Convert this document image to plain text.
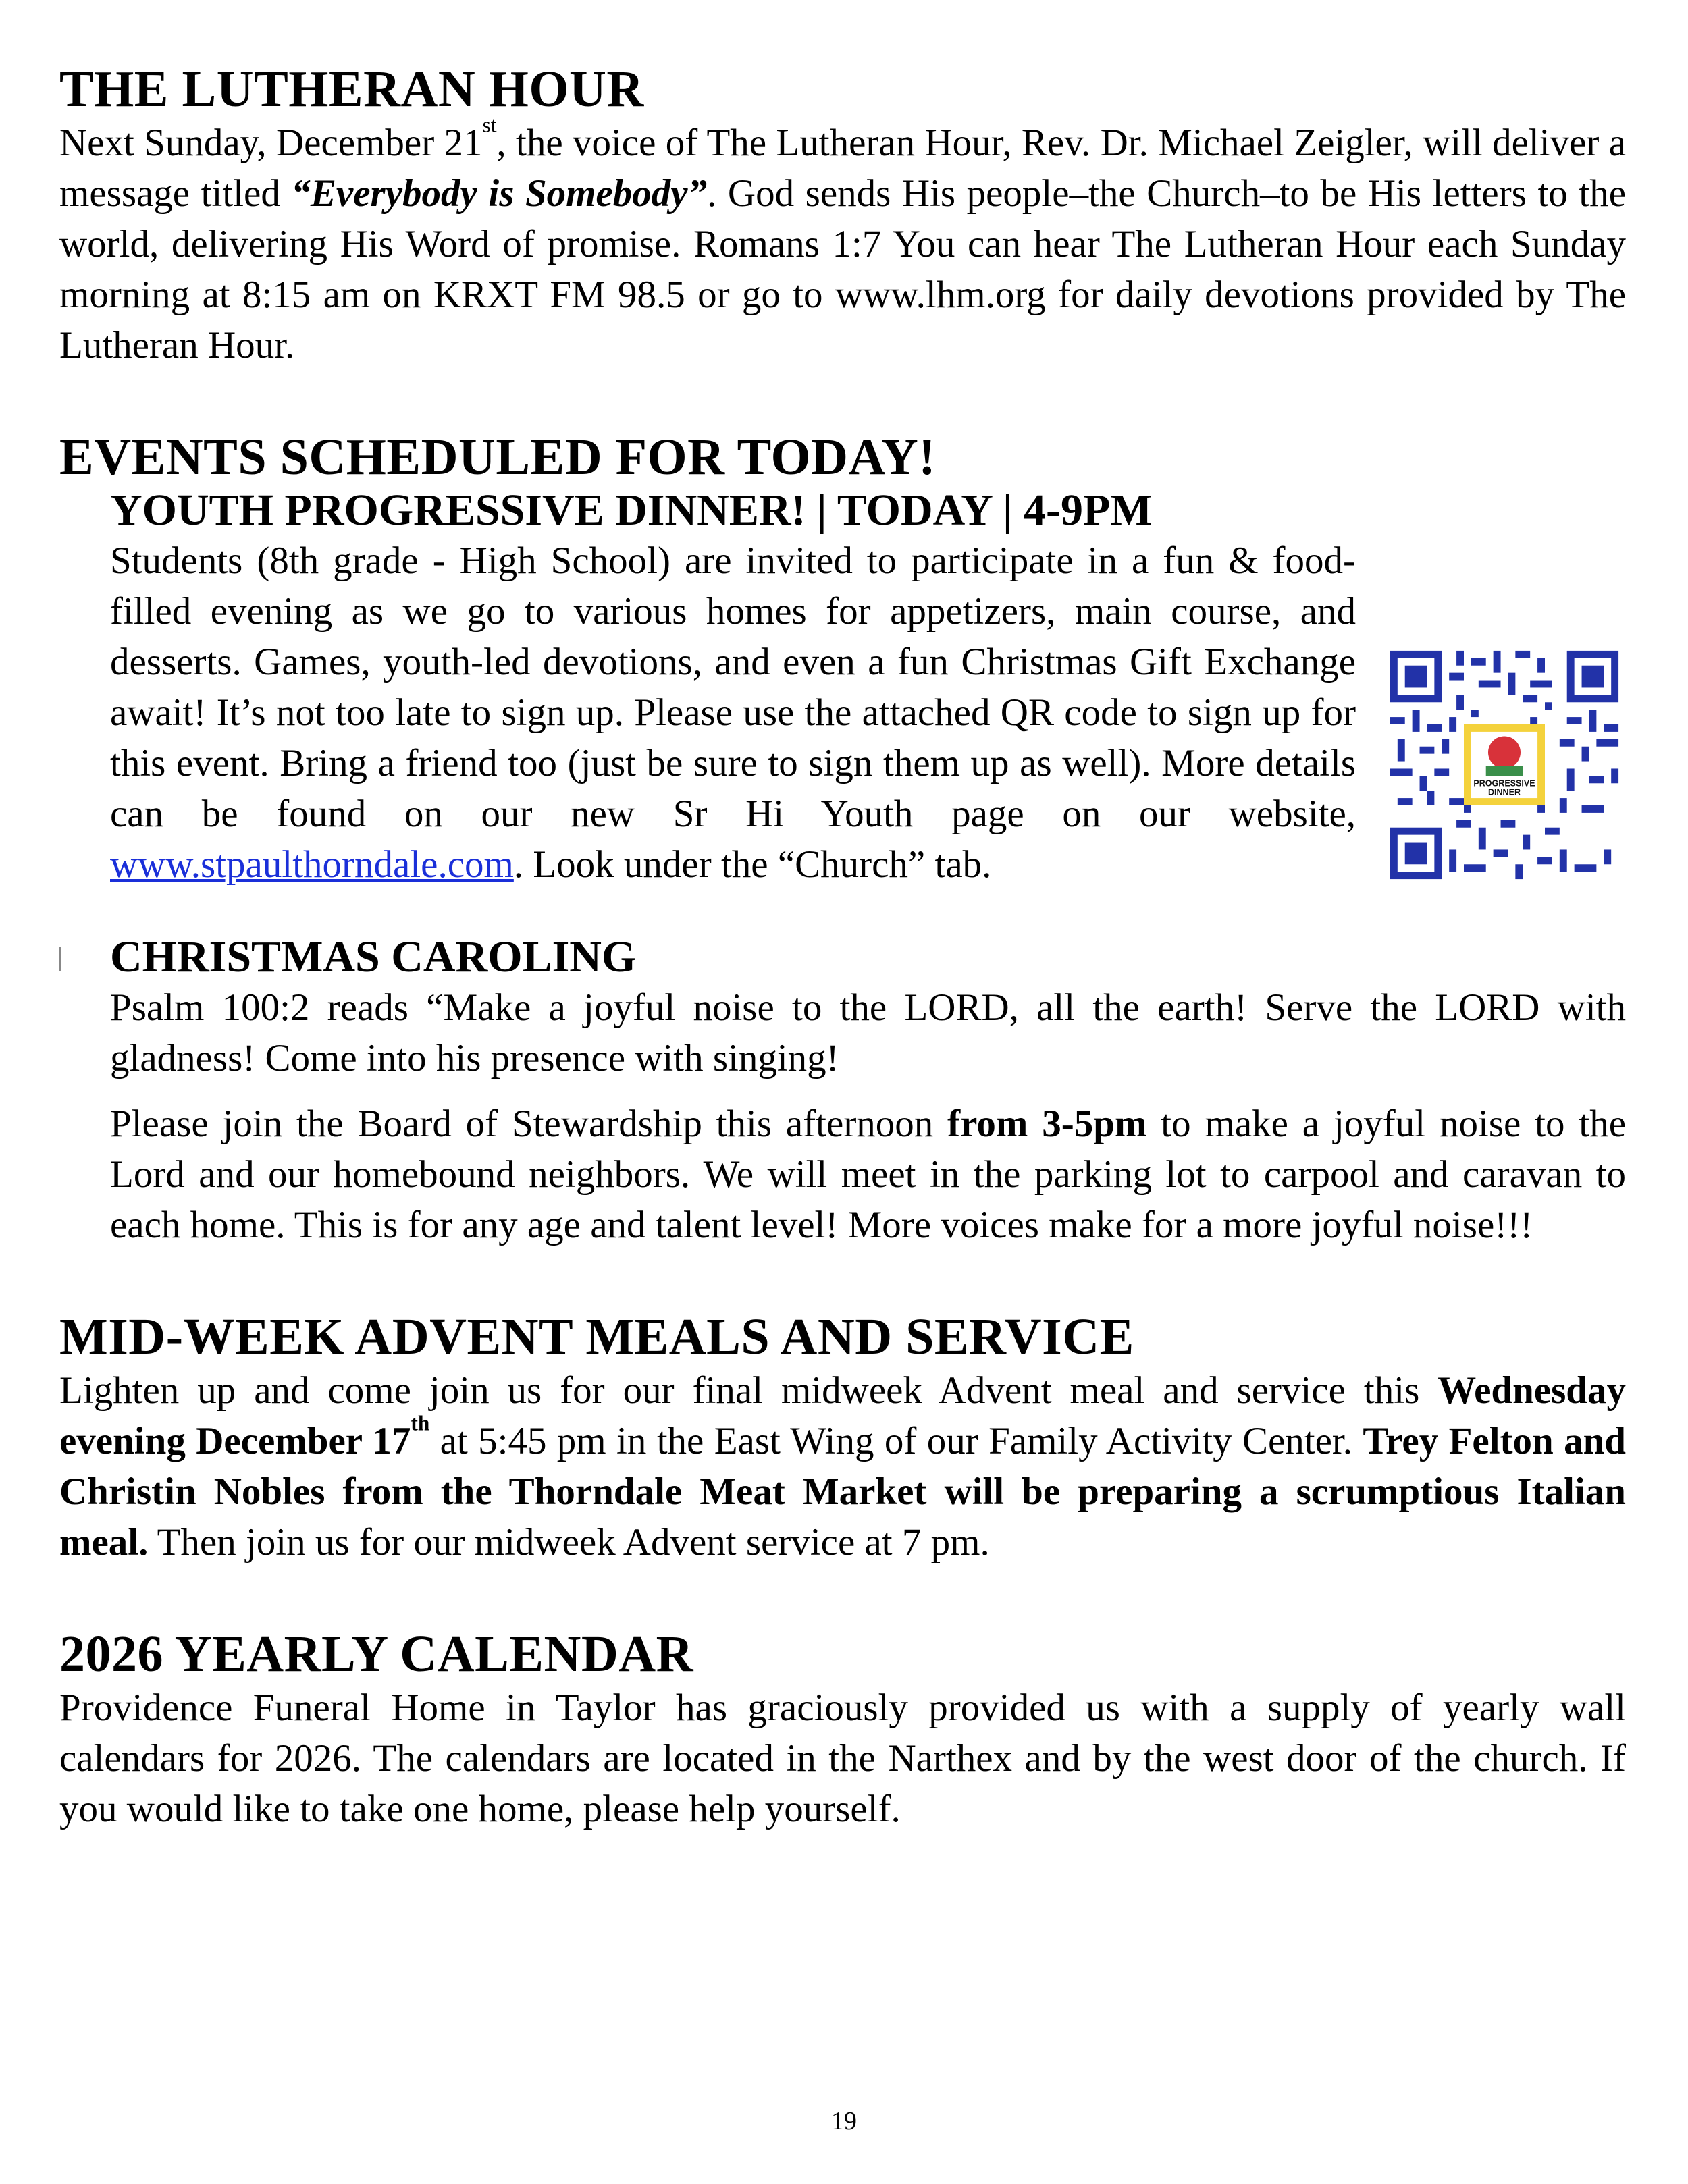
THE LUTHERAN HOUR

Next Sunday, December 21st, the voice of The Lutheran Hour, Rev. Dr. Michael Zeigler, will deliver a message titled “Everybody is Somebody”. God sends His people–the Church–to be His letters to the world, delivering His Word of promise. Romans 1:7 You can hear The Lutheran Hour each Sunday morning at 8:15 am on KRXT FM 98.5 or go to www.lhm.org for daily devotions provided by The Lutheran Hour.

EVENTS SCHEDULED FOR TODAY!
YOUTH PROGRESSIVE DINNER! | TODAY | 4-9PM

PROGRESSIVE
DINNER
Students (8th grade - High School) are invited to participate in a fun & food-filled evening as we go to various homes for appetizers, main course, and desserts. Games, youth-led devotions, and even a fun Christmas Gift Exchange await! It’s not too late to sign up. Please use the attached QR code to sign up for this event. Bring a friend too (just be sure to sign them up as well). More details can be found on our new Sr Hi Youth page on our website, www.stpaulthorndale.com. Look under the “Church” tab.

CHRISTMAS CAROLING

Psalm 100:2 reads “Make a joyful noise to the LORD, all the earth! Serve the LORD with gladness! Come into his presence with singing!

Please join the Board of Stewardship this afternoon from 3-5pm to make a joyful noise to the Lord and our homebound neighbors. We will meet in the parking lot to carpool and caravan to each home. This is for any age and talent level! More voices make for a more joyful noise!!!

MID-WEEK ADVENT MEALS AND SERVICE

Lighten up and come join us for our final midweek Advent meal and service this Wednesday evening December 17th at 5:45 pm in the East Wing of our Family Activity Center. Trey Felton and Christin Nobles from the Thorndale Meat Market will be preparing a scrumptious Italian meal. Then join us for our midweek Advent service at 7 pm.

2026 YEARLY CALENDAR

Providence Funeral Home in Taylor has graciously provided us with a supply of yearly wall calendars for 2026. The calendars are located in the Narthex and by the west door of the church. If you would like to take one home, please help yourself.

19
